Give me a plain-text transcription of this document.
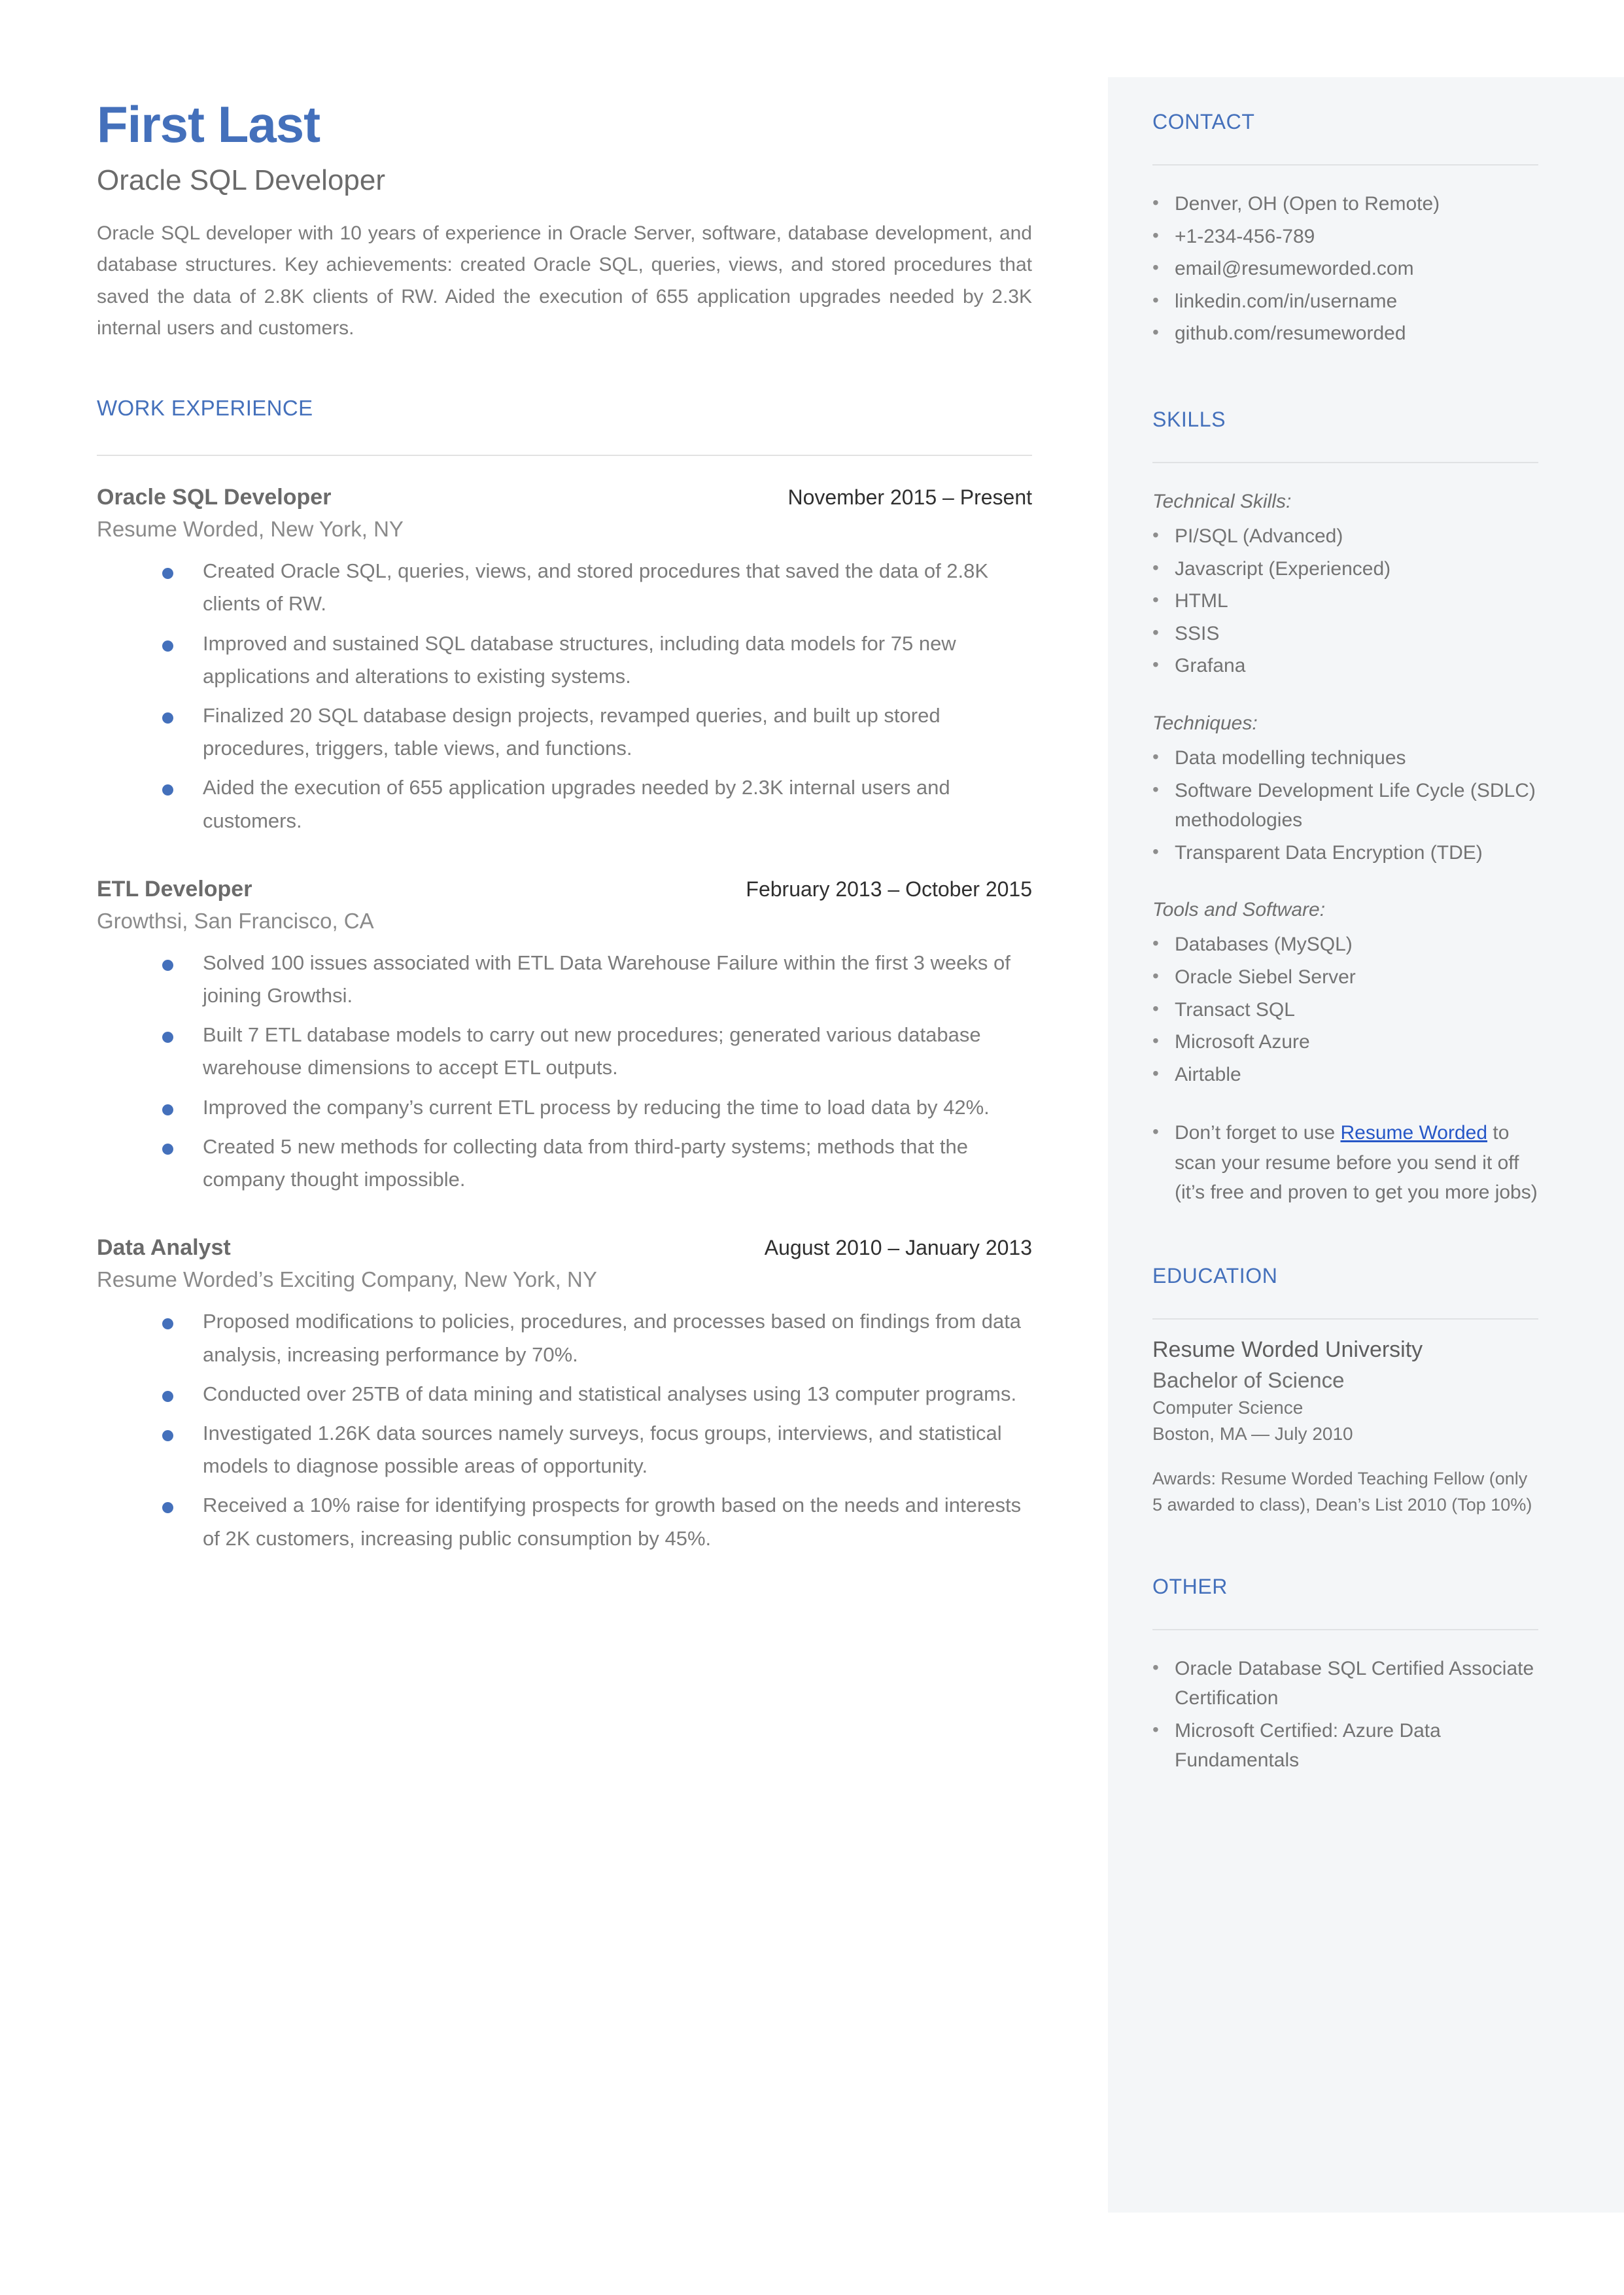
First Last
Oracle SQL Developer

Oracle SQL developer with 10 years of experience in Oracle Server, software, database development, and database structures. Key achievements: created Oracle SQL, queries, views, and stored procedures that saved the data of 2.8K clients of RW. Aided the execution of 655 application upgrades needed by 2.3K internal users and customers.

WORK EXPERIENCE
Oracle SQL Developer	November 2015 – Present
Resume Worded, New York, NY
Created Oracle SQL, queries, views, and stored procedures that saved the data of 2.8K clients of RW.
Improved and sustained SQL database structures, including data models for 75 new applications and alterations to existing systems.
Finalized 20 SQL database design projects, revamped queries, and built up stored procedures, triggers, table views, and functions.
Aided the execution of 655 application upgrades needed by 2.3K internal users and customers.
ETL Developer	February 2013 – October 2015
Growthsi, San Francisco, CA
Solved 100 issues associated with ETL Data Warehouse Failure within the first 3 weeks of joining Growthsi.
Built 7 ETL database models to carry out new procedures; generated various database warehouse dimensions to accept ETL outputs.
Improved the company’s current ETL process by reducing the time to load data by 42%.
Created 5 new methods for collecting data from third-party systems; methods that the company thought impossible.
Data Analyst	August 2010 – January 2013
Resume Worded’s Exciting Company, New York, NY
Proposed modifications to policies, procedures, and processes based on findings from data analysis, increasing performance by 70%.
Conducted over 25TB of data mining and statistical analyses using 13 computer programs.
Investigated 1.26K data sources namely surveys, focus groups, interviews, and statistical models to diagnose possible areas of opportunity.
Received a 10% raise for identifying prospects for growth based on the needs and interests of 2K customers, increasing public consumption by 45%.
CONTACT
• Denver, OH (Open to Remote)
• +1-234-456-789
• email@resumeworded.com
• linkedin.com/in/username
• github.com/resumeworded
SKILLS
Technical Skills:
• PI/SQL (Advanced)
• Javascript (Experienced)
• HTML
• SSIS
• Grafana
Techniques:
• Data modelling techniques
• Software Development Life Cycle (SDLC) methodologies
• Transparent Data Encryption (TDE)
Tools and Software:
• Databases (MySQL)
• Oracle Siebel Server
• Transact SQL
• Microsoft Azure
• Airtable
• Don’t forget to use Resume Worded to scan your resume before you send it off (it’s free and proven to get you more jobs)
EDUCATION
Resume Worded University
Bachelor of Science
Computer Science
Boston, MA — July 2010
Awards: Resume Worded Teaching Fellow (only 5 awarded to class), Dean’s List 2010 (Top 10%)
OTHER
• Oracle Database SQL Certified Associate Certification
• Microsoft Certified: Azure Data Fundamentals
